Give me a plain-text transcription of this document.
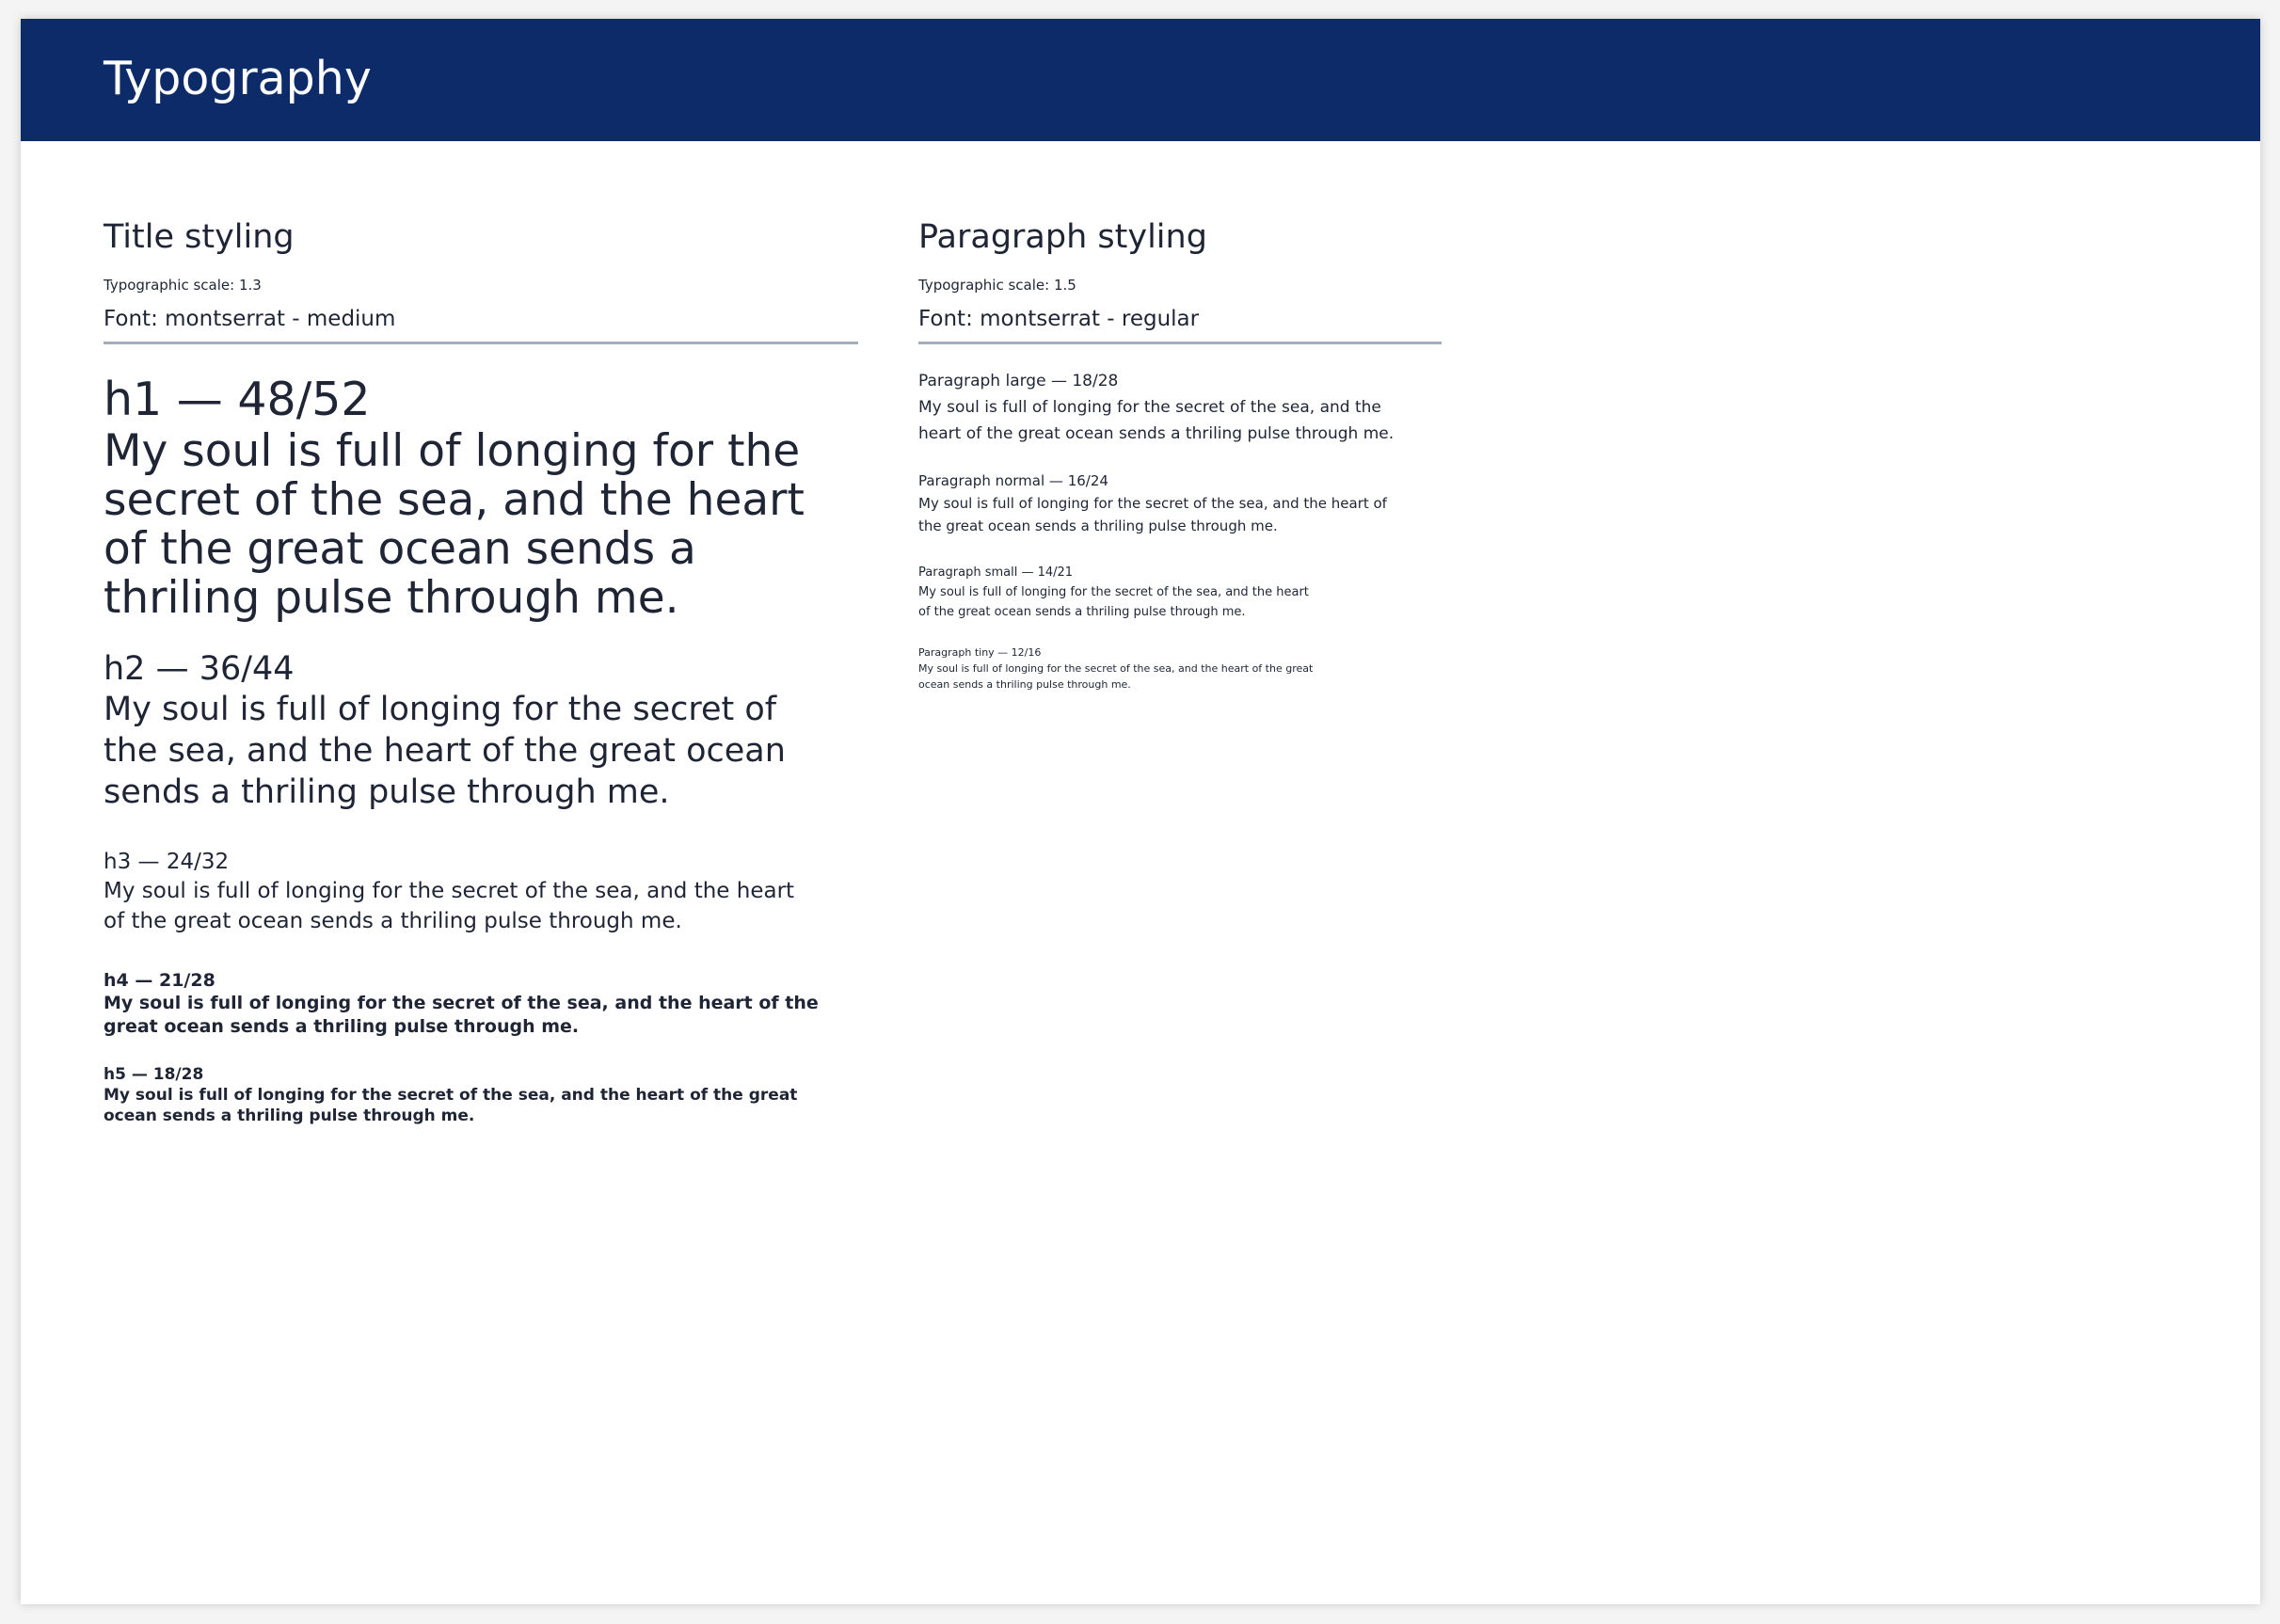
Typography
Title styling
Typographic scale: 1.3
Font: montserrat - medium
h1 — 48/52
My soul is full of longing for the secret of the sea, and the heart of the great ocean sends a thriling pulse through me.
h2 — 36/44
My soul is full of longing for the secret of the sea, and the heart of the great ocean sends a thriling pulse through me.
h3 — 24/32
My soul is full of longing for the secret of the sea, and the heart of the great ocean sends a thriling pulse through me.
h4 — 21/28
My soul is full of longing for the secret of the sea, and the heart of the great ocean sends a thriling pulse through me.
h5 — 18/28
My soul is full of longing for the secret of the sea, and the heart of the great ocean sends a thriling pulse through me.
Paragraph styling
Typographic scale: 1.5
Font: montserrat - regular
Paragraph large — 18/28
My soul is full of longing for the secret of the sea, and the heart of the great ocean sends a thriling pulse through me.
Paragraph normal — 16/24
My soul is full of longing for the secret of the sea, and the heart of the great ocean sends a thriling pulse through me.
Paragraph small — 14/21
My soul is full of longing for the secret of the sea, and the heart of the great ocean sends a thriling pulse through me.
Paragraph tiny — 12/16
My soul is full of longing for the secret of the sea, and the heart of the great ocean sends a thriling pulse through me.
